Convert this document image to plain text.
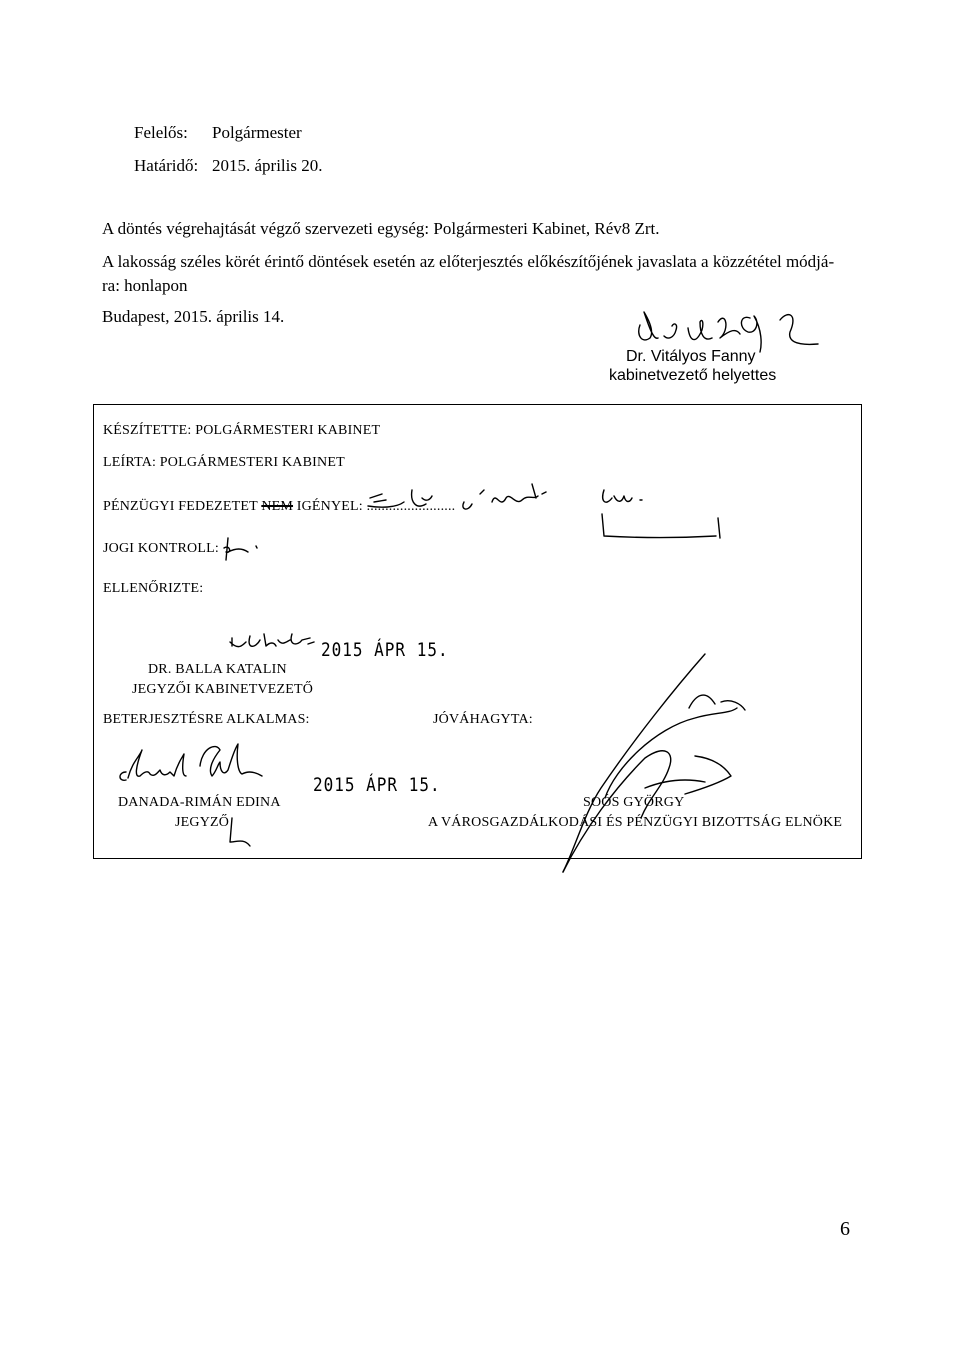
Felelős: Polgármester
Határidő: 2015. április 20.
A döntés végrehajtását végző szervezeti egység: Polgármesteri Kabinet, Rév8 Zrt.
A lakosság széles körét érintő döntések esetén az előterjesztés előkészítőjének javaslata a közzététel módjá-
ra: honlapon
Budapest, 2015. április 14.
Dr. Vitályos Fanny
kabinetvezető helyettes
KÉSZÍTETTE: POLGÁRMESTERI KABINET
LEÍRTA: POLGÁRMESTERI KABINET
PÉNZÜGYI FEDEZETET NEM IGÉNYEL: ........................
JOGI KONTROLL:
ELLENŐRIZTE:
2015 ÁPR 15.
DR. BALLA KATALIN
JEGYZŐI KABINETVEZETŐ
BETERJESZTÉSRE ALKALMAS:	JÓVÁHAGYTA:
2015 ÁPR 15.
DANADA-RIMÁN EDINA
JEGYZŐ
SOÓS GYÖRGY
A VÁROSGAZDÁLKODÁSI ÉS PÉNZÜGYI BIZOTTSÁG ELNÖKE
6
